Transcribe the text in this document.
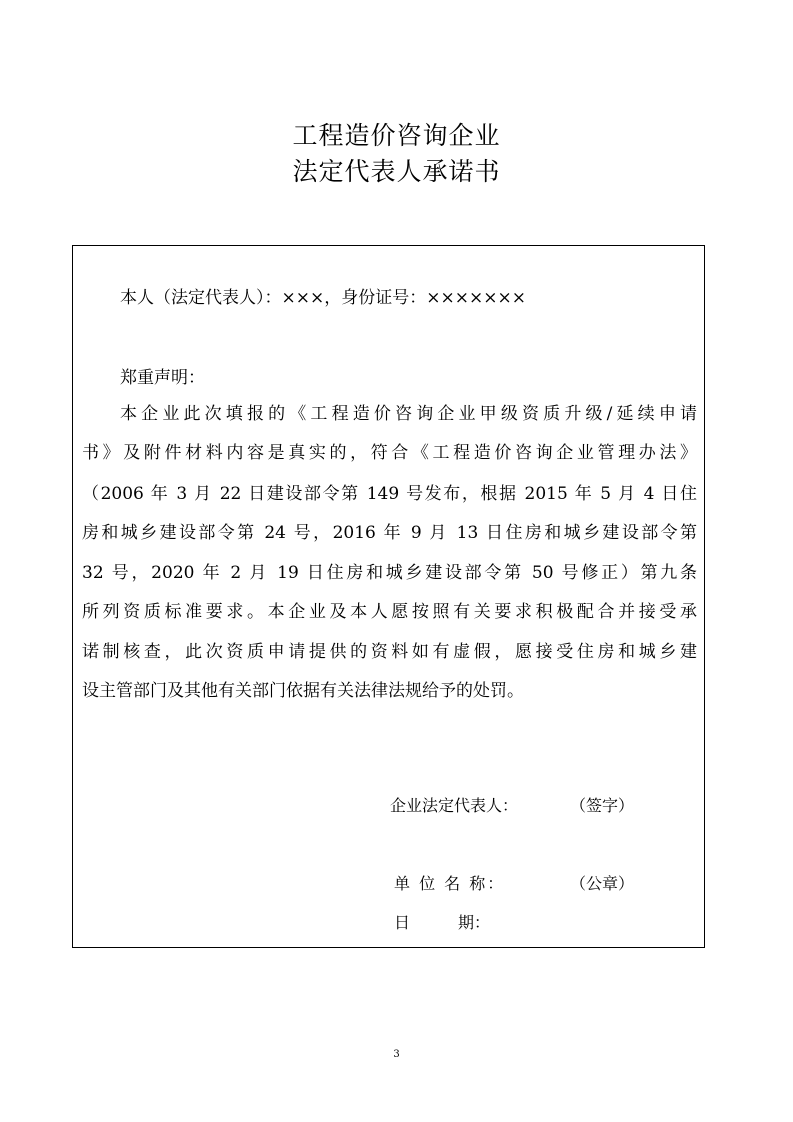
工程造价咨询企业
法定代表人承诺书

本人（法定代表人）：×××，身份证号：×××××××

郑重声明：

本企业此次填报的《工程造价咨询企业甲级资质升级/延续申请

书》及附件材料内容是真实的，符合《工程造价咨询企业管理办法》

（2006 年 3 月 22 日建设部令第 149 号发布，根据 2015 年 5 月 4 日住

房和城乡建设部令第 24 号，2016 年 9 月 13 日住房和城乡建设部令第

32 号，2020 年 2 月 19 日住房和城乡建设部令第 50 号修正）第九条

所列资质标准要求。本企业及本人愿按照有关要求积极配合并接受承

诺制核查，此次资质申请提供的资料如有虚假，愿接受住房和城乡建

设主管部门及其他有关部门依据有关法律法规给予的处罚。

企业法定代表人：	（签字）
单 位 名 称：	（公章）
日　　　期：
3
